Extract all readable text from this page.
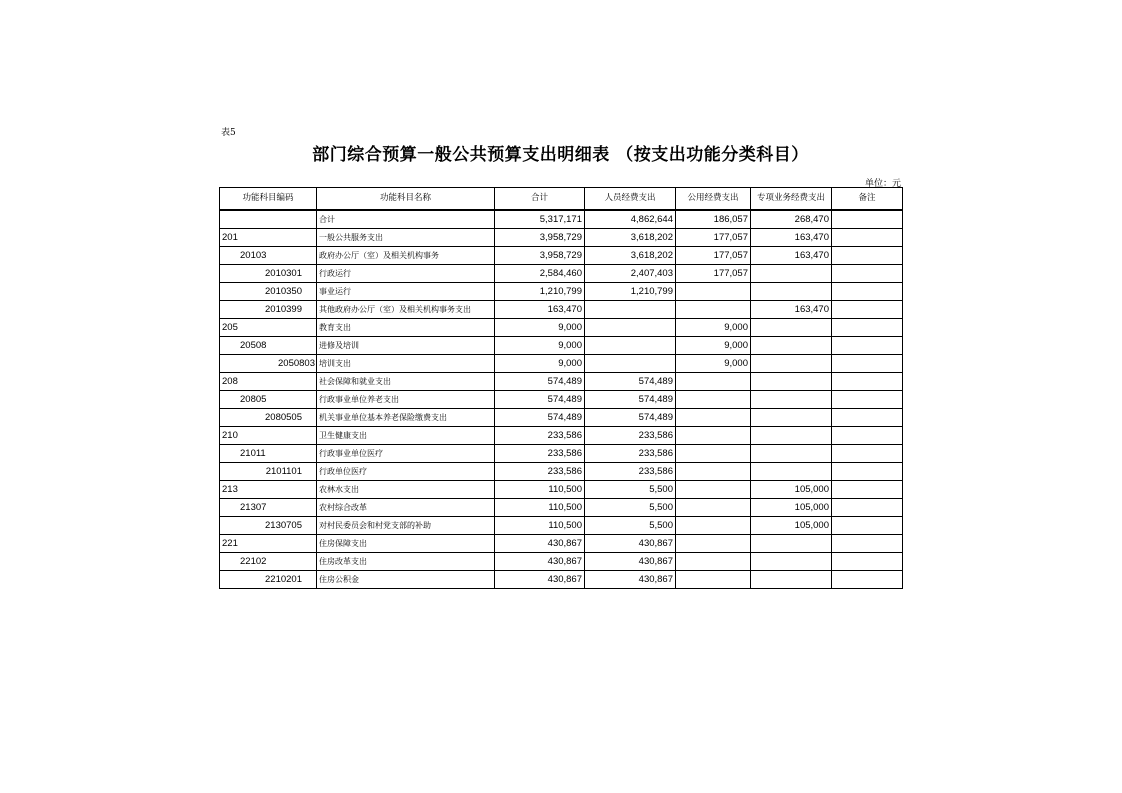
表5
部门综合预算一般公共预算支出明细表 （按支出功能分类科目）
单位：元
功能科目编码	功能科目名称	合计	人员经费支出	公用经费支出	专项业务经费支出	备注
	合计	5,317,171	4,862,644	186,057	268,470	
201	一般公共服务支出	3,958,729	3,618,202	177,057	163,470	
20103	政府办公厅（室）及相关机构事务	3,958,729	3,618,202	177,057	163,470	
2010301	行政运行	2,584,460	2,407,403	177,057		
2010350	事业运行	1,210,799	1,210,799			
2010399	其他政府办公厅（室）及相关机构事务支出	163,470			163,470	
205	教育支出	9,000		9,000		
20508	进修及培训	9,000		9,000		
2050803	培训支出	9,000		9,000		
208	社会保障和就业支出	574,489	574,489			
20805	行政事业单位养老支出	574,489	574,489			
2080505	机关事业单位基本养老保险缴费支出	574,489	574,489			
210	卫生健康支出	233,586	233,586			
21011	行政事业单位医疗	233,586	233,586			
2101101	行政单位医疗	233,586	233,586			
213	农林水支出	110,500	5,500		105,000	
21307	农村综合改革	110,500	5,500		105,000	
2130705	对村民委员会和村党支部的补助	110,500	5,500		105,000	
221	住房保障支出	430,867	430,867			
22102	住房改革支出	430,867	430,867			
2210201	住房公积金	430,867	430,867			
